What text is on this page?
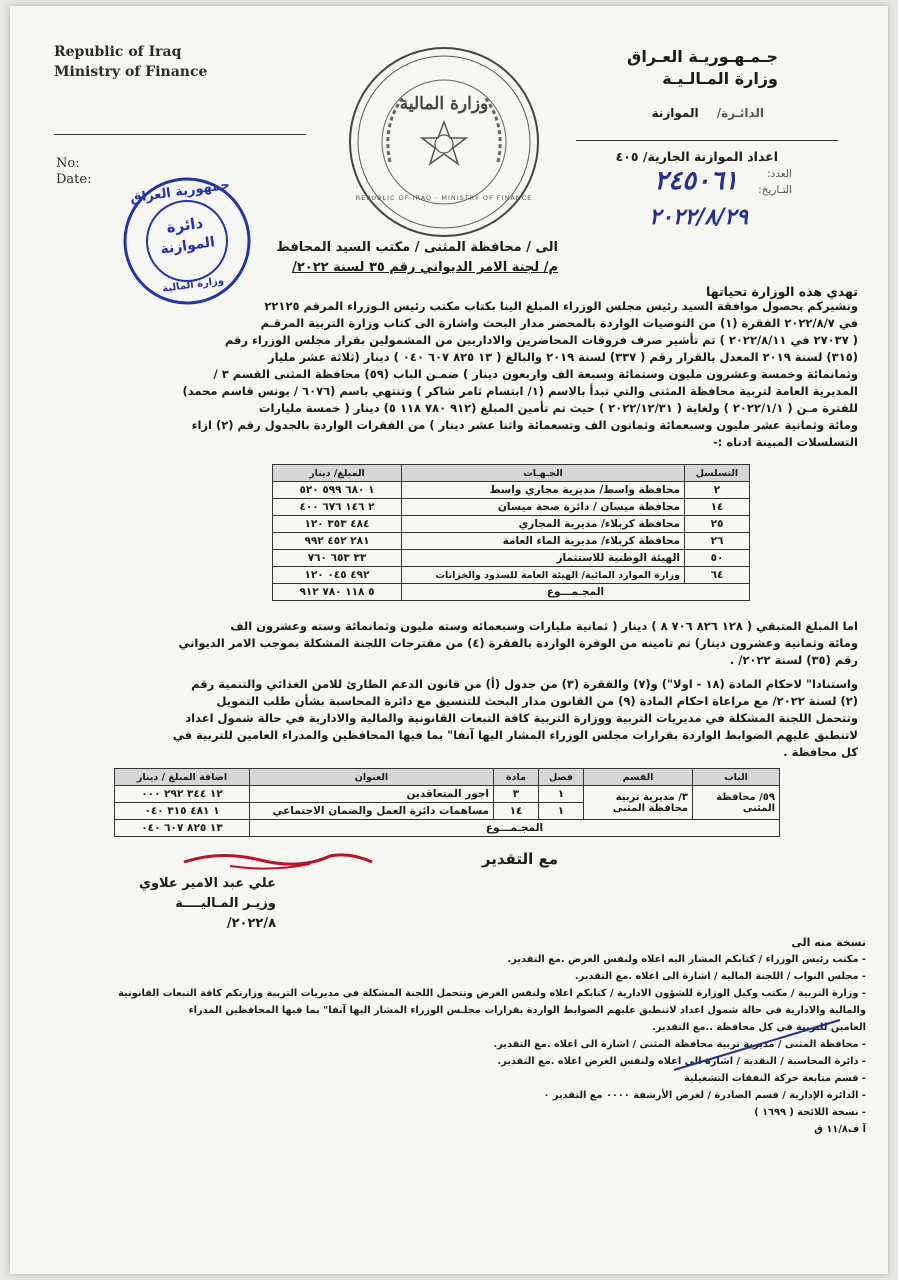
Republic of Iraq
Ministry of Finance
No:
Date:
جـمـهـوريـة العـراق
وزارة المـالـيـة
الدائـرة/ الموازنة
اعداد الموازنة الجارية/ ٤٠٥
العدد:
٢٤٥٠٦١	التـاريخ:
٢٠٢٢/٨/٢٩
وزارة المالية
REPUBLIC OF IRAQ · MINISTRY OF FINANCE
جمهورية العراق
دائرة
الموازنة
وزارة المالية
الى / محافظة المثنى / مكتب السيد المحافظ
م/ لجنة الامر الديواني رقم ٣٥ لسنة ٢٠٢٢/
تهدي هذه الوزارة تحياتها
ونشيركم بحصول موافقة السيد رئيس مجلس الوزراء المبلغ الينا بكتاب مكتب رئيس الـوزراء المرقم ٢٢١٢٥
في ٢٠٢٢/٨/٧ الفقرة (١) من التوصيات الواردة بالمحضر مدار البحث واشارة الى كتاب وزارة التربية المرقـم
( ٢٧٠٣٧ في ٢٠٢٢/٨/١١ ) تم تأشير صرف فروقات المحاضرين والاداريين من المشمولين بقرار مجلس الوزراء رقم
(٣١٥) لسنة ٢٠١٩ المعدل بالقرار رقم ( ٣٣٧) لسنة ٢٠١٩ والبالغ ( ١٣ ٨٢٥ ٦٠٧ ٠٤٠ ) دينار (ثلاثة عشر مليار
وثمانمائة وخمسة وعشرون مليون وستمائة وسبعة الف واربعون دينار ) ضمـن الباب (٥٩) محافظة المثنى القسم ٣ /
المديرية العامة لتربية محافظة المثنى والتي تبدأ بالاسم (١/ ابتسام ثامر شاكر ) وتنتهي باسم (٦٠٧٦ / يونس قاسم محمد)
للفترة مـن ( ٢٠٢٢/١/١ ) ولغاية ( ٢٠٢٢/١٢/٣١ ) حيث تم تأمين المبلغ (٩١٢ ٧٨٠ ١١٨ ٥) دينار ( خمسة مليارات
ومائة وثمانية عشر مليون وسبعمائة وثمانون الف وتسعمائة واثنا عشر دينار ) من الفقرات الواردة بالجدول رقم (٢) ازاء
التسلسلات المبينة ادناه :-
التسلسل	الجـهـات	المبلغ/ دينار
٢	محافظة واسط/ مديرية مجاري واسط	١ ٦٨٠ ٥٩٩ ٥٢٠
١٤	محافظة ميسان / دائرة صحة ميسان	٢ ١٤٦ ٦٧٦ ٤٠٠
٢٥	محافظة كربلاء/ مديرية المجاري	٤٨٤ ٣٥٣ ١٢٠
٢٦	محافظة كربلاء/ مديرية الماء العامة	٢٨١ ٤٥٢ ٩٩٢
٥٠	الهيئة الوطنية للاستثمار	٣٣ ٦٥٣ ٧٦٠
٦٤	وزارة الموارد المائية/ الهيئة العامة للسدود والخزانات	٤٩٢ ٠٤٥ ١٢٠
المجـمـــوع		٥ ١١٨ ٧٨٠ ٩١٢
اما المبلغ المتبقي ( ١٢٨ ٨٢٦ ٧٠٦ ٨ ) دينار ( ثمانية مليارات وسبعمائه وسته مليون وثمانمائة وسته وعشرون الف
ومائة وثمانية وعشرون دينار) تم تامينه من الوفرة الواردة بالفقرة (٤) من مقترحات اللجنة المشكلة بموجب الامر الديواني
رقم (٣٥) لسنة ٢٠٢٢/ .
واستنادا" لاحكام المادة (١٨ - اولا") و(٧) والفقرة (٣) من جدول (أ) من قانون الدعم الطارئ للامن الغذائي والتنمية رقم
(٢) لسنة ٢٠٢٢/ مع مراعاة احكام المادة (٩) من القانون مدار البحث للتنسيق مع دائرة المحاسبة بشأن طلب التمويل
وتتحمل اللجنة المشكلة في مديريات التربية ووزارة التربية كافة التبعات القانونية والمالية والادارية في حالة شمول اعداد
لاتنطبق عليهم الضوابط الواردة بقرارات مجلس الوزراء المشار اليها آنفا" بما فيها المحافظين والمدراء العامين للتربية في
كل محافظة .
الباب	القسم	فصل	مادة	العنوان	اضافة المبلغ / دينار
٥٩/ محافظة المثنى	٣/ مديرية تربية محافظة المثنى	١	٣	اجور المتعاقدين	١٢ ٣٤٤ ٢٩٢ ٠٠٠
		١	١٤	مساهمات دائرة العمل والضمان الاجتماعي	١ ٤٨١ ٣١٥ ٠٤٠
المجـمـــوع					١٣ ٨٢٥ ٦٠٧ ٠٤٠
مع التقدير
علي عبد الامير علاوي
وزيـر المـاليــــة
٢٠٢٢/٨/
نسخة منه الى
- مكتب رئيس الوزراء / كتابكم المشار اليه اعلاه ولنفس الغرض .مع التقدير.
- مجلس النواب / اللجنة المالية / اشارة الى اعلاه .مع التقدير.
- وزارة التربية / مكتب وكيل الوزارة للشؤون الادارية / كتابكم اعلاه ولنفس الغرض وتتحمل اللجنة المشكلة في مديريات التربية وزارتكم كافة التبعات القانونية
والمالية والادارية في حالة شمول اعداد لاتنطبق عليهم الضوابط الواردة بقرارات مجلـس الوزراء المشار اليها آنفا" بما فيها المحافظين المدراء
العامين للتربية في كل محافظة ..مع التقدير.
- محافظة المثنى / مديرية تربية محافظة المثنى / اشارة الى اعلاه .مع التقدير.
- دائرة المحاسبة / النقدية / اشارة الى اعلاه ولنفس الغرض اعلاه .مع التقدير.
- قسم متابعة حركة النفقات التشغيلية
- الدائرة الإدارية / قسم الصادرة / لغرض الأرشفة ٠٠٠٠ مع التقدير ٠
- نسخة اللائحة ( ١٦٩٩ )
آ ف١١/٨ ق
